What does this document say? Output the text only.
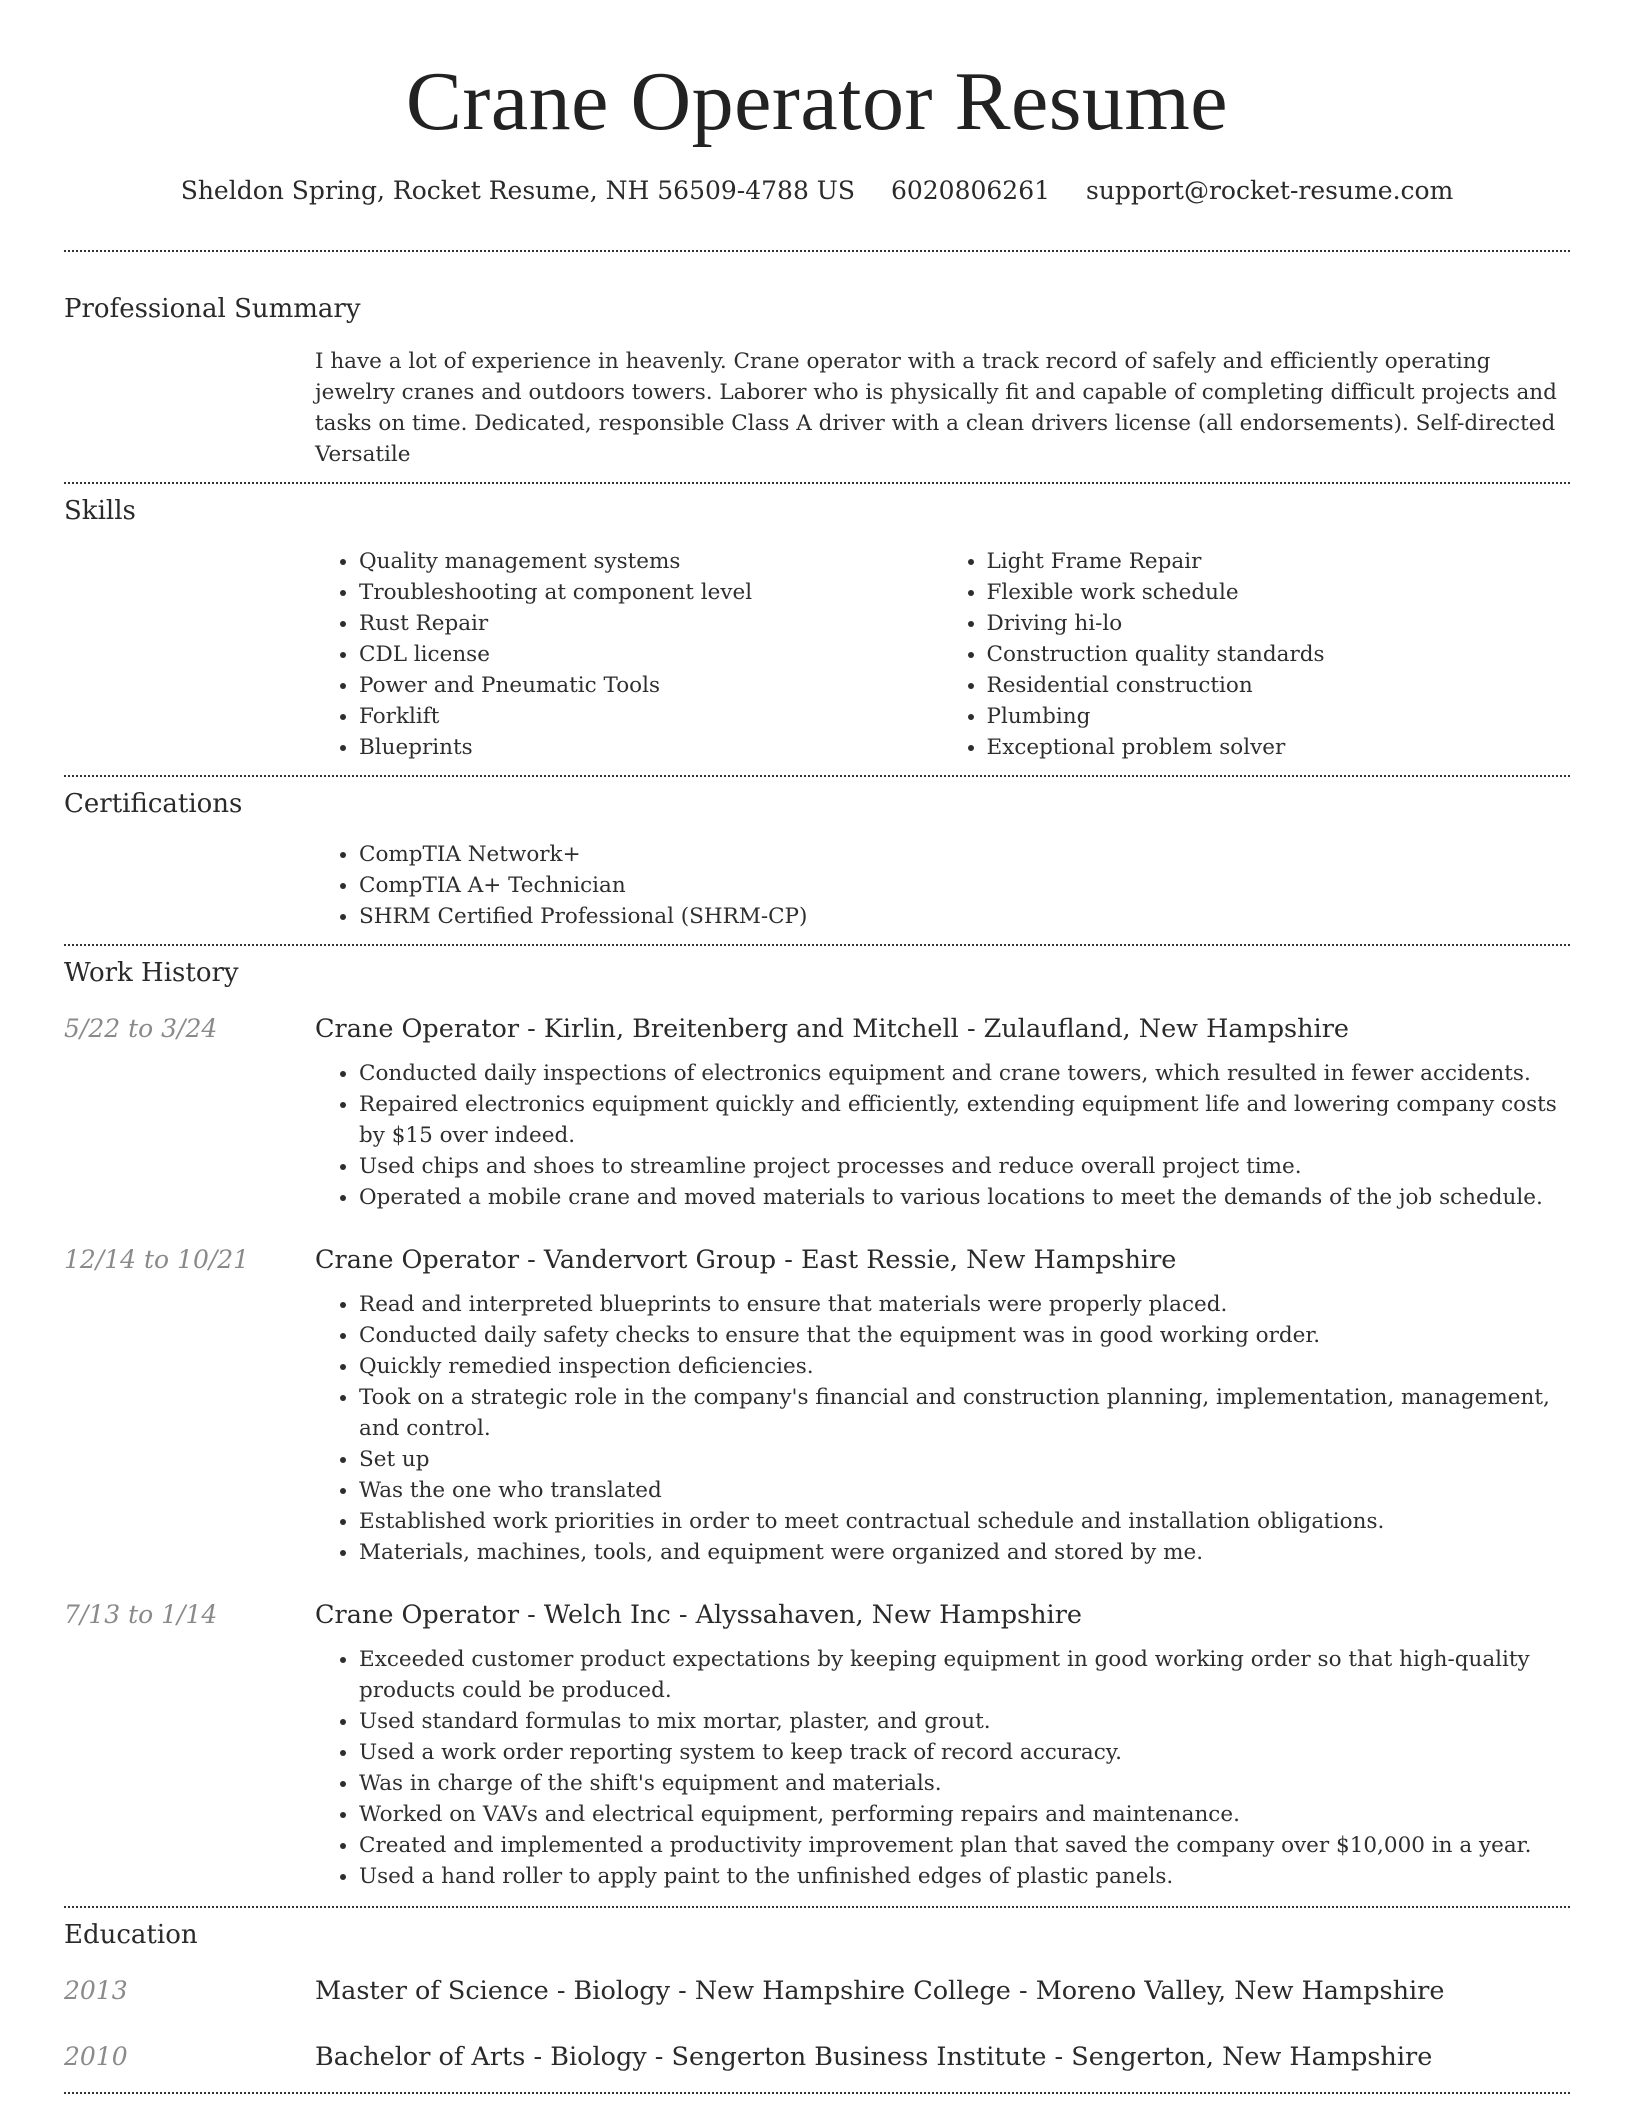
Crane Operator Resume
Sheldon Spring, Rocket Resume, NH 56509-4788 US 6020806261 support@rocket-resume.com
Professional Summary
I have a lot of experience in heavenly. Crane operator with a track record of safely and efficiently operating jewelry cranes and outdoors towers. Laborer who is physically fit and capable of completing difficult projects and tasks on time. Dedicated, responsible Class A driver with a clean drivers license (all endorsements). Self-directed Versatile
Skills
• Quality management systems
• Troubleshooting at component level
• Rust Repair
• CDL license
• Power and Pneumatic Tools
• Forklift
• Blueprints
• Light Frame Repair
• Flexible work schedule
• Driving hi-lo
• Construction quality standards
• Residential construction
• Plumbing
• Exceptional problem solver
Certifications
• CompTIA Network+
• CompTIA A+ Technician
• SHRM Certified Professional (SHRM-CP)
Work History
5/22 to 3/24	Crane Operator - Kirlin, Breitenberg and Mitchell - Zulaufland, New Hampshire
• Conducted daily inspections of electronics equipment and crane towers, which resulted in fewer accidents.
• Repaired electronics equipment quickly and efficiently, extending equipment life and lowering company costs by $15 over indeed.
• Used chips and shoes to streamline project processes and reduce overall project time.
• Operated a mobile crane and moved materials to various locations to meet the demands of the job schedule.
12/14 to 10/21	Crane Operator - Vandervort Group - East Ressie, New Hampshire
• Read and interpreted blueprints to ensure that materials were properly placed.
• Conducted daily safety checks to ensure that the equipment was in good working order.
• Quickly remedied inspection deficiencies.
• Took on a strategic role in the company's financial and construction planning, implementation, management, and control.
• Set up
• Was the one who translated
• Established work priorities in order to meet contractual schedule and installation obligations.
• Materials, machines, tools, and equipment were organized and stored by me.
7/13 to 1/14	Crane Operator - Welch Inc - Alyssahaven, New Hampshire
• Exceeded customer product expectations by keeping equipment in good working order so that high-quality products could be produced.
• Used standard formulas to mix mortar, plaster, and grout.
• Used a work order reporting system to keep track of record accuracy.
• Was in charge of the shift's equipment and materials.
• Worked on VAVs and electrical equipment, performing repairs and maintenance.
• Created and implemented a productivity improvement plan that saved the company over $10,000 in a year.
• Used a hand roller to apply paint to the unfinished edges of plastic panels.
Education
2013	Master of Science - Biology - New Hampshire College - Moreno Valley, New Hampshire
2010	Bachelor of Arts - Biology - Sengerton Business Institute - Sengerton, New Hampshire
